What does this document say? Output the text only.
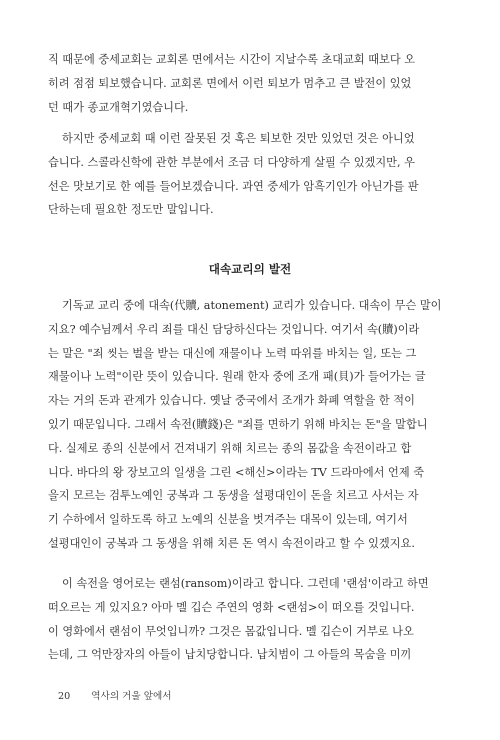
직 때문에 중세교회는 교회론 면에서는 시간이 지날수록 초대교회 때보다 오
히려 점점 퇴보했습니다. 교회론 면에서 이런 퇴보가 멈추고 큰 발전이 있었
던 때가 종교개혁기였습니다.
하지만 중세교회 때 이런 잘못된 것 혹은 퇴보한 것만 있었던 것은 아니었
습니다. 스콜라신학에 관한 부분에서 조금 더 다양하게 살필 수 있겠지만, 우
선은 맛보기로 한 예를 들어보겠습니다. 과연 중세가 암흑기인가 아닌가를 판
단하는데 필요한 정도만 말입니다.
대속교리의 발전
기독교 교리 중에 대속(代贖, atonement) 교리가 있습니다. 대속이 무슨 말이
지요? 예수님께서 우리 죄를 대신 담당하신다는 것입니다. 여기서 속(贖)이라
는 말은 "죄 씻는 벌을 받는 대신에 재물이나 노력 따위를 바치는 일, 또는 그
재물이나 노력"이란 뜻이 있습니다. 원래 한자 중에 조개 패(貝)가 들어가는 글
자는 거의 돈과 관계가 있습니다. 옛날 중국에서 조개가 화폐 역할을 한 적이
있기 때문입니다. 그래서 속전(贖錢)은 "죄를 면하기 위해 바치는 돈"을 말합니
다. 실제로 종의 신분에서 건져내기 위해 치르는 종의 몸값을 속전이라고 합
니다. 바다의 왕 장보고의 일생을 그린 <해신>이라는 TV 드라마에서 언제 죽
을지 모르는 검투노예인 궁복과 그 동생을 설평대인이 돈을 치르고 사서는 자
기 수하에서 일하도록 하고 노예의 신분을 벗겨주는 대목이 있는데, 여기서
설평대인이 궁복과 그 동생을 위해 치른 돈 역시 속전이라고 할 수 있겠지요.
이 속전을 영어로는 랜섬(ransom)이라고 합니다. 그런데 '랜섬'이라고 하면
떠오르는 게 있지요? 아마 멜 깁슨 주연의 영화 <랜섬>이 떠오를 것입니다.
이 영화에서 랜섬이 무엇입니까? 그것은 몸값입니다. 멜 깁슨이 거부로 나오
는데, 그 억만장자의 아들이 납치당합니다. 납치범이 그 아들의 목숨을 미끼
20 역사의 거울 앞에서
